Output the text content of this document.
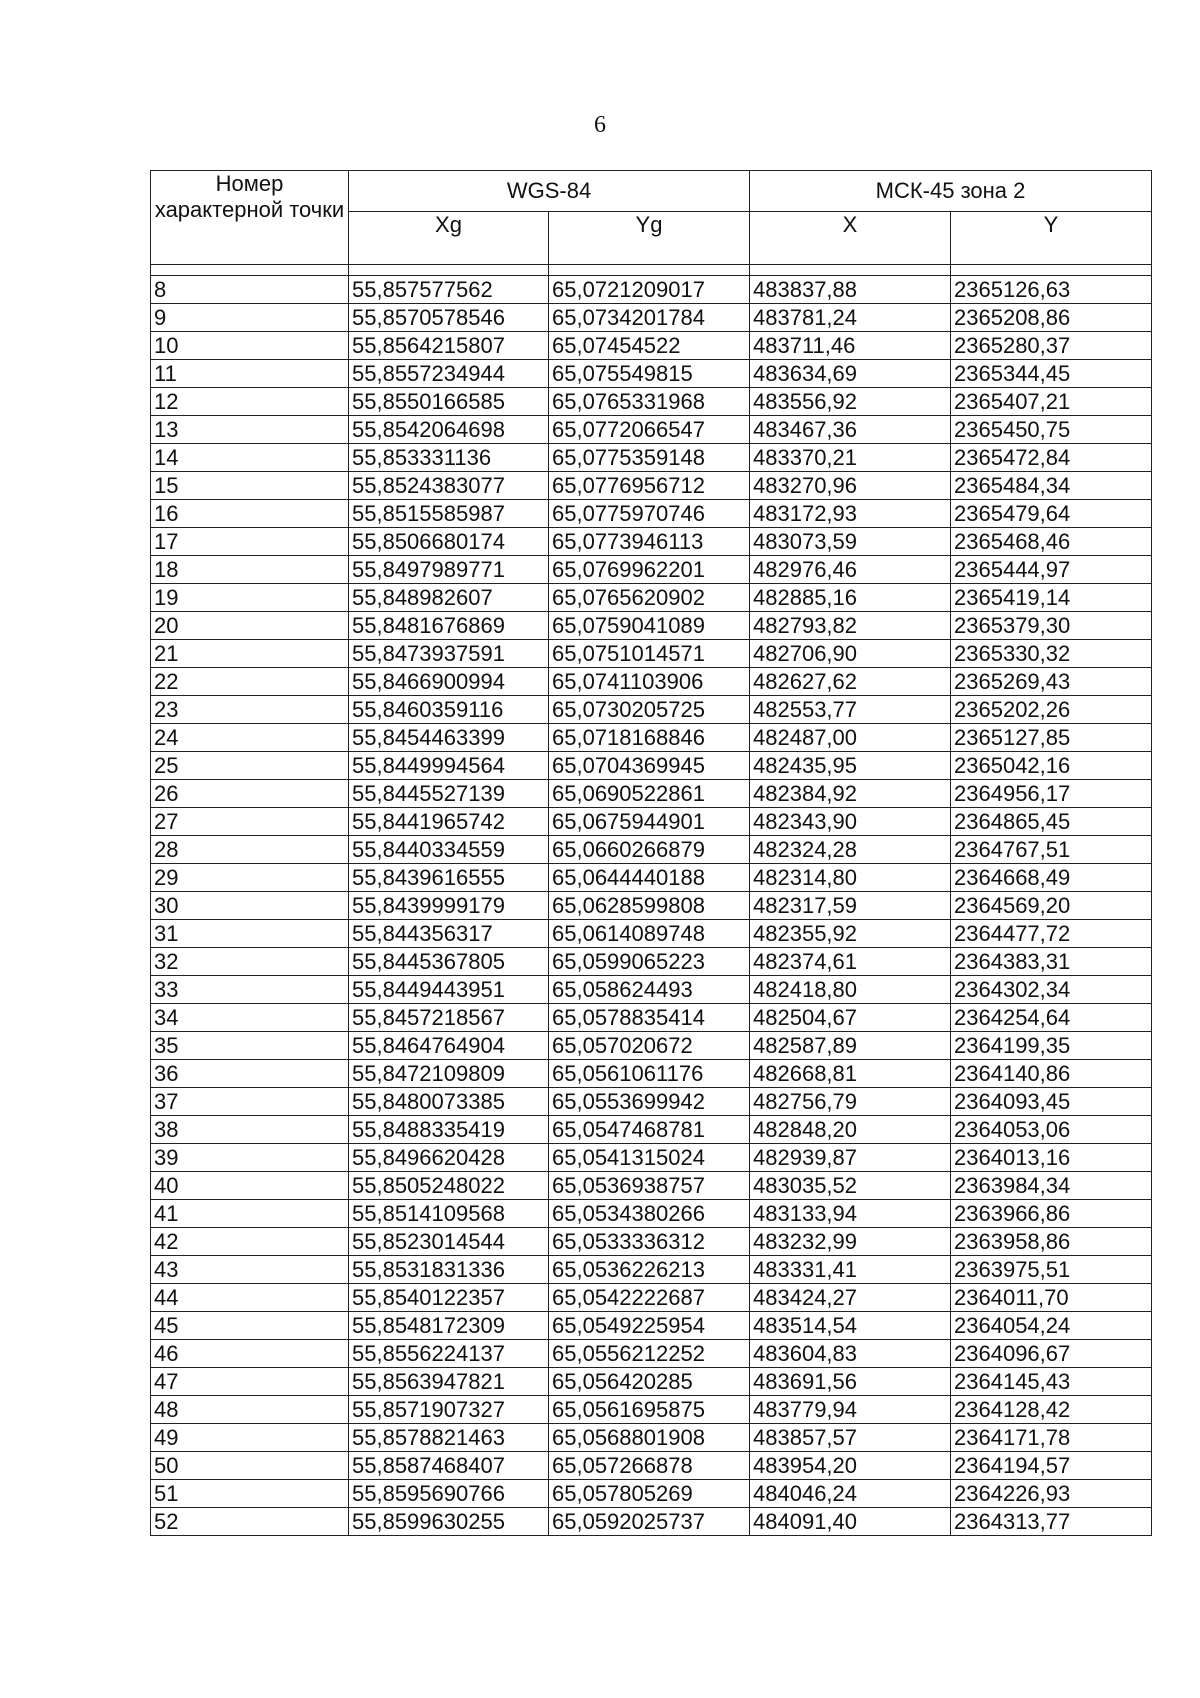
6
Номер характерной точки	WGS-84		МСК-45 зона 2	
	Xg	Yg	X	Y

8	55,857577562	65,0721209017	483837,88	2365126,63
9	55,8570578546	65,0734201784	483781,24	2365208,86
10	55,8564215807	65,07454522	483711,46	2365280,37
11	55,8557234944	65,075549815	483634,69	2365344,45
12	55,8550166585	65,0765331968	483556,92	2365407,21
13	55,8542064698	65,0772066547	483467,36	2365450,75
14	55,853331136	65,0775359148	483370,21	2365472,84
15	55,8524383077	65,0776956712	483270,96	2365484,34
16	55,8515585987	65,0775970746	483172,93	2365479,64
17	55,8506680174	65,0773946113	483073,59	2365468,46
18	55,8497989771	65,0769962201	482976,46	2365444,97
19	55,848982607	65,0765620902	482885,16	2365419,14
20	55,8481676869	65,0759041089	482793,82	2365379,30
21	55,8473937591	65,0751014571	482706,90	2365330,32
22	55,8466900994	65,0741103906	482627,62	2365269,43
23	55,8460359116	65,0730205725	482553,77	2365202,26
24	55,8454463399	65,0718168846	482487,00	2365127,85
25	55,8449994564	65,0704369945	482435,95	2365042,16
26	55,8445527139	65,0690522861	482384,92	2364956,17
27	55,8441965742	65,0675944901	482343,90	2364865,45
28	55,8440334559	65,0660266879	482324,28	2364767,51
29	55,8439616555	65,0644440188	482314,80	2364668,49
30	55,8439999179	65,0628599808	482317,59	2364569,20
31	55,844356317	65,0614089748	482355,92	2364477,72
32	55,8445367805	65,0599065223	482374,61	2364383,31
33	55,8449443951	65,058624493	482418,80	2364302,34
34	55,8457218567	65,0578835414	482504,67	2364254,64
35	55,8464764904	65,057020672	482587,89	2364199,35
36	55,8472109809	65,0561061176	482668,81	2364140,86
37	55,8480073385	65,0553699942	482756,79	2364093,45
38	55,8488335419	65,0547468781	482848,20	2364053,06
39	55,8496620428	65,0541315024	482939,87	2364013,16
40	55,8505248022	65,0536938757	483035,52	2363984,34
41	55,8514109568	65,0534380266	483133,94	2363966,86
42	55,8523014544	65,0533336312	483232,99	2363958,86
43	55,8531831336	65,0536226213	483331,41	2363975,51
44	55,8540122357	65,0542222687	483424,27	2364011,70
45	55,8548172309	65,0549225954	483514,54	2364054,24
46	55,8556224137	65,0556212252	483604,83	2364096,67
47	55,8563947821	65,056420285	483691,56	2364145,43
48	55,8571907327	65,0561695875	483779,94	2364128,42
49	55,8578821463	65,0568801908	483857,57	2364171,78
50	55,8587468407	65,057266878	483954,20	2364194,57
51	55,8595690766	65,057805269	484046,24	2364226,93
52	55,8599630255	65,0592025737	484091,40	2364313,77
